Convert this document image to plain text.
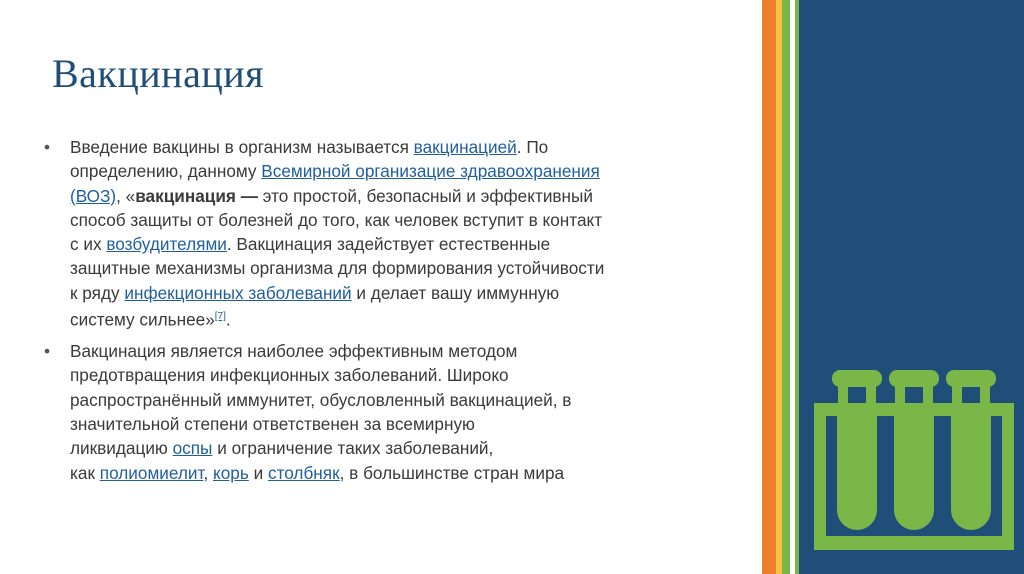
Вакцинация
• Введение вакцины в организм называется вакцинацией. По
определению, данному Всемирной организацие здравоохранения
(ВОЗ), «вакцинация — это простой, безопасный и эффективный
способ защиты от болезней до того, как человек вступит в контакт
с их возбудителями. Вакцинация задействует естественные
защитные механизмы организма для формирования устойчивости
к ряду инфекционных заболеваний и делает вашу иммунную
систему сильнее»[7].
• Вакцинация является наиболее эффективным методом
предотвращения инфекционных заболеваний. Широко
распространённый иммунитет, обусловленный вакцинацией, в
значительной степени ответственен за всемирную
ликвидацию оспы и ограничение таких заболеваний,
как полиомиелит, корь и столбняк, в большинстве стран мира
